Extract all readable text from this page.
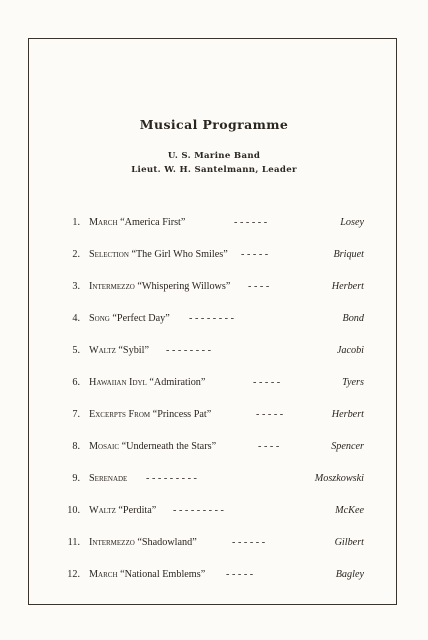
Musical Programme
U. S. Marine Band
Lieut. W. H. Santelmann, Leader
1. March “America First”	- - - - - -	Losey
2. Selection “The Girl Who Smiles” - - - - -	Briquet
3. Intermezzo “Whispering Willows” - - - -	Herbert
4. Song “Perfect Day” - - - - - - - -	Bond
5. Waltz “Sybil” - - - - - - - -	Jacobi
6. Hawaiian Idyl “Admiration”	- - - - -	Tyers
7. Excerpts From “Princess Pat”	- - - - -	Herbert
8. Mosaic “Underneath the Stars”	- - - -	Spencer
9. Serenade - - - - - - - - -	Moszkowski
10. Waltz “Perdita” - - - - - - - - -	McKee
11. Intermezzo “Shadowland”	- - - - - -	Gilbert
12. March “National Emblems” - - - - -	Bagley
